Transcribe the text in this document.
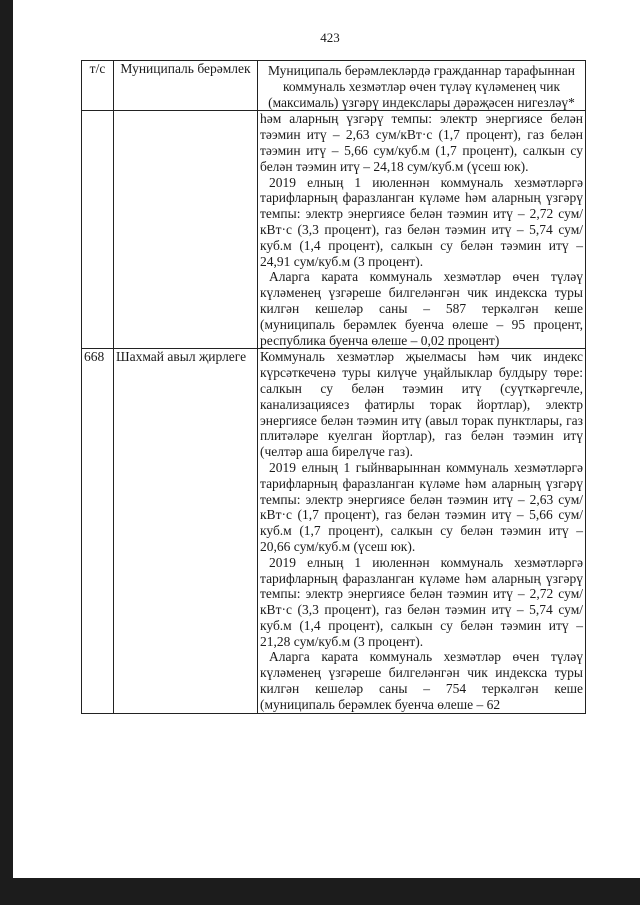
423
т/с	Муниципаль берәмлек	Муниципаль берәмлекләрдә гражданнар тарафыннан коммуналь хезмәтләр өчен түләү күләменең чик (максималь) үзгәрү индекслары дәрәҗәсен нигезләү*

		һәм аларның үзгәрү темпы: электр энергиясе белән тәэмин итү – 2,63 сум/кВт·с (1,7 процент), газ белән тәэмин итү – 5,66 сум/куб.м (1,7 процент), салкын су белән тәэмин итү – 24,18 сум/куб.м (үсеш юк).

2019 елның 1 июленнән коммуналь хезмәтләргә тарифларның фаразланган күләме һәм аларның үзгәрү темпы: электр энергиясе белән тәэмин итү – 2,72 сум/кВт·с (3,3 процент), газ белән тәэмин итү – 5,74 сум/куб.м (1,4 процент), салкын су белән тәэмин итү – 24,91 сум/куб.м (3 процент).

Аларга карата коммуналь хезмәтләр өчен түләү күләменең үзгәреше билгеләнгән чик индекска туры килгән кешеләр саны – 587 теркәлгән кеше (муниципаль берәмлек буенча өлеше – 95 процент, республика буенча өлеше – 0,02 процент)

668	Шахмай авыл җирлеге	Коммуналь хезмәтләр җыелмасы һәм чик индекс күрсәткеченә туры килүче уңайлыклар булдыру төре: салкын су белән тәэмин итү (суүткәргечле, канализациясез фатирлы торак йортлар), электр энергиясе белән тәэмин итү (авыл торак пунктлары, газ плитәләре куелган йортлар), газ белән тәэмин итү (челтәр аша бирелүче газ).

2019 елның 1 гыйнварыннан коммуналь хезмәтләргә тарифларның фаразланган күләме һәм аларның үзгәрү темпы: электр энергиясе белән тәэмин итү – 2,63 сум/кВт·с (1,7 процент), газ белән тәэмин итү – 5,66 сум/куб.м (1,7 процент), салкын су белән тәэмин итү – 20,66 сум/куб.м (үсеш юк).

2019 елның 1 июленнән коммуналь хезмәтләргә тарифларның фаразланган күләме һәм аларның үзгәрү темпы: электр энергиясе белән тәэмин итү – 2,72 сум/кВт·с (3,3 процент), газ белән тәэмин итү – 5,74 сум/куб.м (1,4 процент), салкын су белән тәэмин итү – 21,28 сум/куб.м (3 процент).

Аларга карата коммуналь хезмәтләр өчен түләү күләменең үзгәреше билгеләнгән чик индекска туры килгән кешеләр саны – 754 теркәлгән кеше (муниципаль берәмлек буенча өлеше – 62
